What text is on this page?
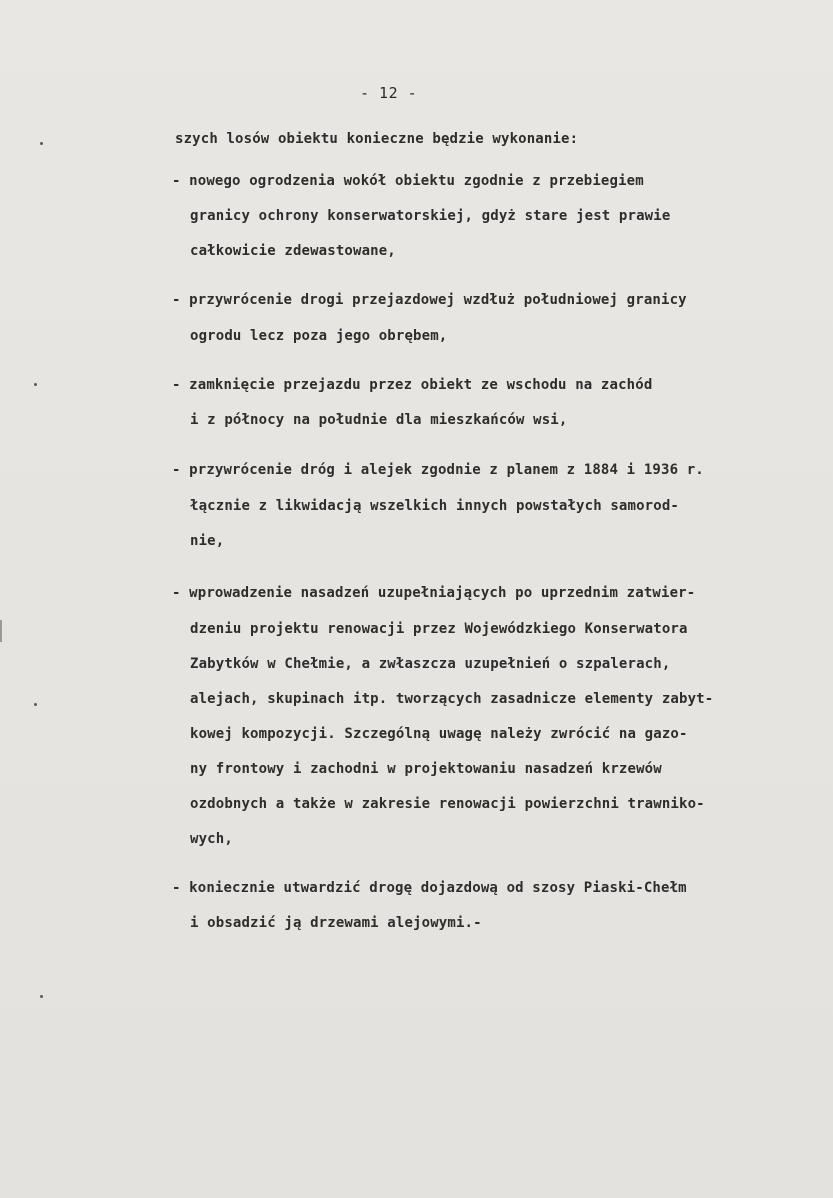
- 12 -
szych losów obiektu konieczne będzie wykonanie:
- nowego ogrodzenia wokół obiektu zgodnie z przebiegiem
granicy ochrony konserwatorskiej, gdyż stare jest prawie
całkowicie zdewastowane,
- przywrócenie drogi przejazdowej wzdłuż południowej granicy
ogrodu lecz poza jego obrębem,
- zamknięcie przejazdu przez obiekt ze wschodu na zachód
i z północy na południe dla mieszkańców wsi,
- przywrócenie dróg i alejek zgodnie z planem z 1884 i 1936 r.
łącznie z likwidacją wszelkich innych powstałych samorod-
nie,
- wprowadzenie nasadzeń uzupełniających po uprzednim zatwier-
dzeniu projektu renowacji przez Wojewódzkiego Konserwatora
Zabytków w Chełmie, a zwłaszcza uzupełnień o szpalerach,
alejach, skupinach itp. tworzących zasadnicze elementy zabyt-
kowej kompozycji. Szczególną uwagę należy zwrócić na gazo-
ny frontowy i zachodni w projektowaniu nasadzeń krzewów
ozdobnych a także w zakresie renowacji powierzchni trawniko-
wych,
- koniecznie utwardzić drogę dojazdową od szosy Piaski-Chełm
i obsadzić ją drzewami alejowymi.-
